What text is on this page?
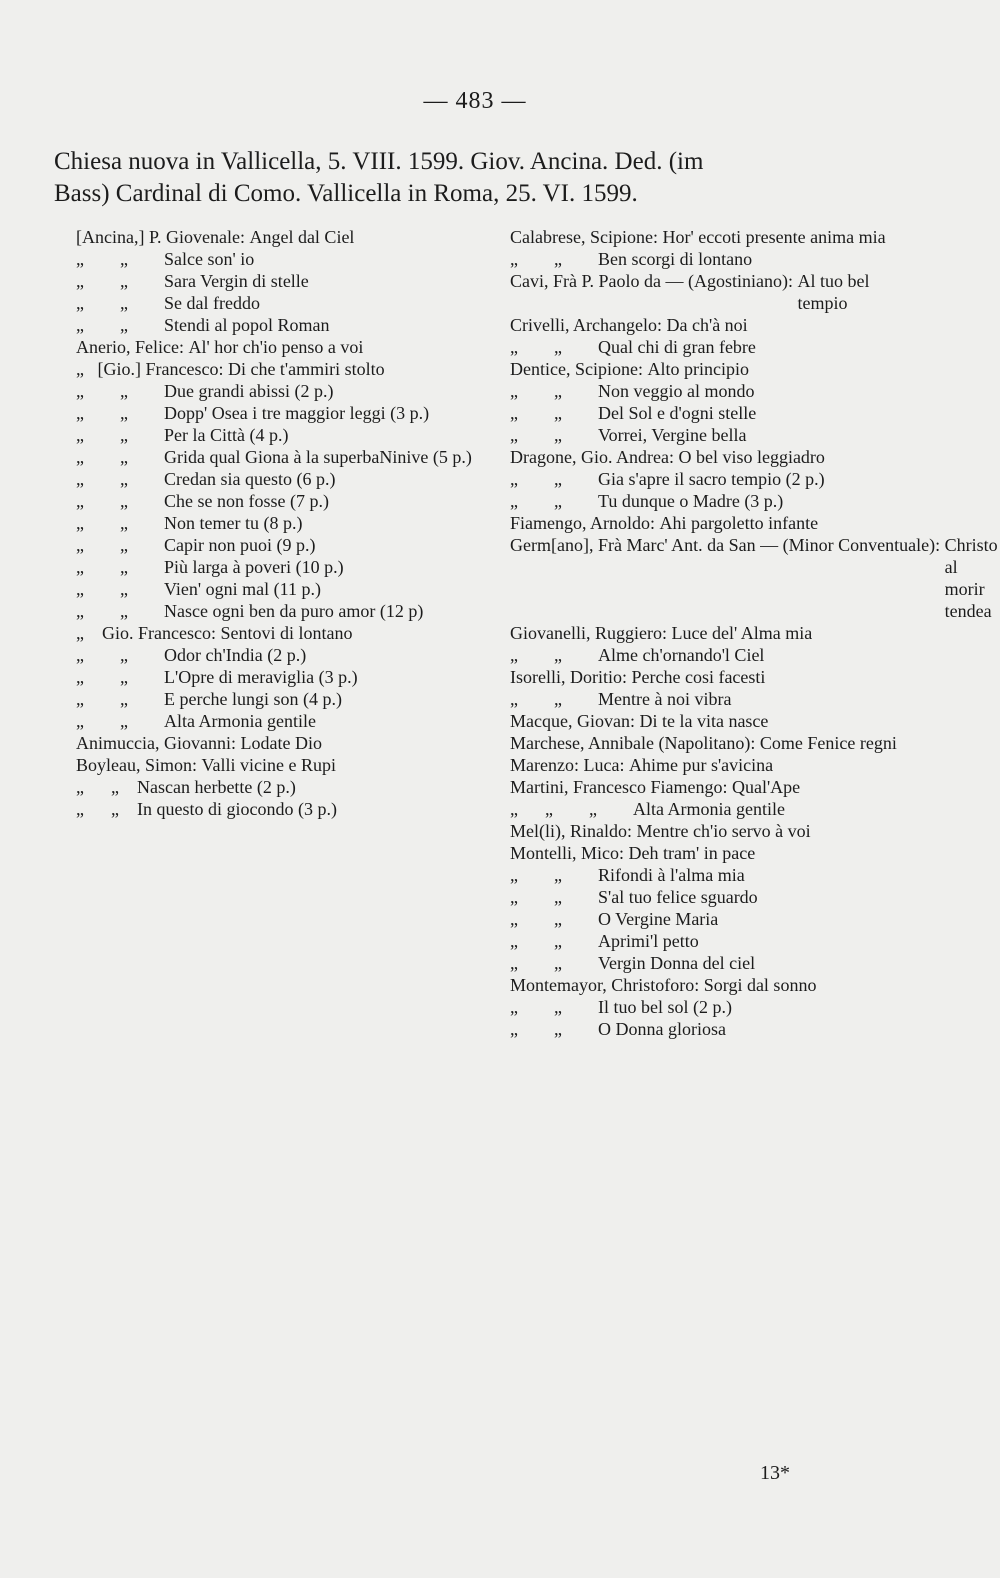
— 483 —
Chiesa nuova in Vallicella, 5. VIII. 1599. Giov. Ancina. Ded. (im
Bass) Cardinal di Como. Vallicella in Roma, 25. VI. 1599.
[Ancina,] P. Giovenale: Angel dal Ciel
„        „ Salce son' io
„        „ Sara Vergin di stelle
„        „ Se dal freddo
„        „ Stendi al popol Roman
Anerio, Felice: Al' hor ch'io penso a voi
„   [Gio.] Francesco: Di che t'ammiri stolto
„        „ Due grandi abissi (2 p.)
„        „ Dopp' Osea i tre maggior leggi (3 p.)
„        „ Per la Città (4 p.)
„        „ Grida qual Giona à la superbaNinive (5 p.)
„        „ Credan sia questo (6 p.)
„        „ Che se non fosse (7 p.)
„        „ Non temer tu (8 p.)
„        „ Capir non puoi (9 p.)
„        „ Più larga à poveri (10 p.)
„        „ Vien' ogni mal (11 p.)
„        „ Nasce ogni ben da puro amor (12 p)
„    Gio. Francesco: Sentovi di lontano
„        „ Odor ch'India (2 p.)
„        „ L'Opre di meraviglia (3 p.)
„        „ E perche lungi son (4 p.)
„        „ Alta Armonia gentile
Animuccia, Giovanni: Lodate Dio
Boyleau, Simon: Valli vicine e Rupi
„      „ Nascan herbette (2 p.)
„      „ In questo di giocondo (3 p.)
Calabrese, Scipione: Hor' eccoti presente anima mia
„        „ Ben scorgi di lontano
Cavi, Frà P. Paolo da — (Agostiniano): Al tuo bel tempio
Crivelli, Archangelo: Da ch'à noi
„        „ Qual chi di gran febre
Dentice, Scipione: Alto principio
„        „ Non veggio al mondo
„        „ Del Sol e d'ogni stelle
„        „ Vorrei, Vergine bella
Dragone, Gio. Andrea: O bel viso leggiadro
„        „ Gia s'apre il sacro tempio (2 p.)
„        „ Tu dunque o Madre (3 p.)
Fiamengo, Arnoldo: Ahi pargoletto infante
Germ[ano], Frà Marc' Ant. da San — (Minor Conventuale): Christo al morir tendea
Giovanelli, Ruggiero: Luce del' Alma mia
„        „ Alme ch'ornando'l Ciel
Isorelli, Doritio: Perche cosi facesti
„        „ Mentre à noi vibra
Macque, Giovan: Di te la vita nasce
Marchese, Annibale (Napolitano): Come Fenice regni
Marenzo: Luca: Ahime pur s'avicina
Martini, Francesco Fiamengo: Qual'Ape
„      „        „ Alta Armonia gentile
Mel(li), Rinaldo: Mentre ch'io servo à voi
Montelli, Mico: Deh tram' in pace
„        „ Rifondi à l'alma mia
„        „ S'al tuo felice sguardo
„        „ O Vergine Maria
„        „ Aprimi'l petto
„        „ Vergin Donna del ciel
Montemayor, Christoforo: Sorgi dal sonno
„        „ Il tuo bel sol (2 p.)
„        „ O Donna gloriosa
13*
